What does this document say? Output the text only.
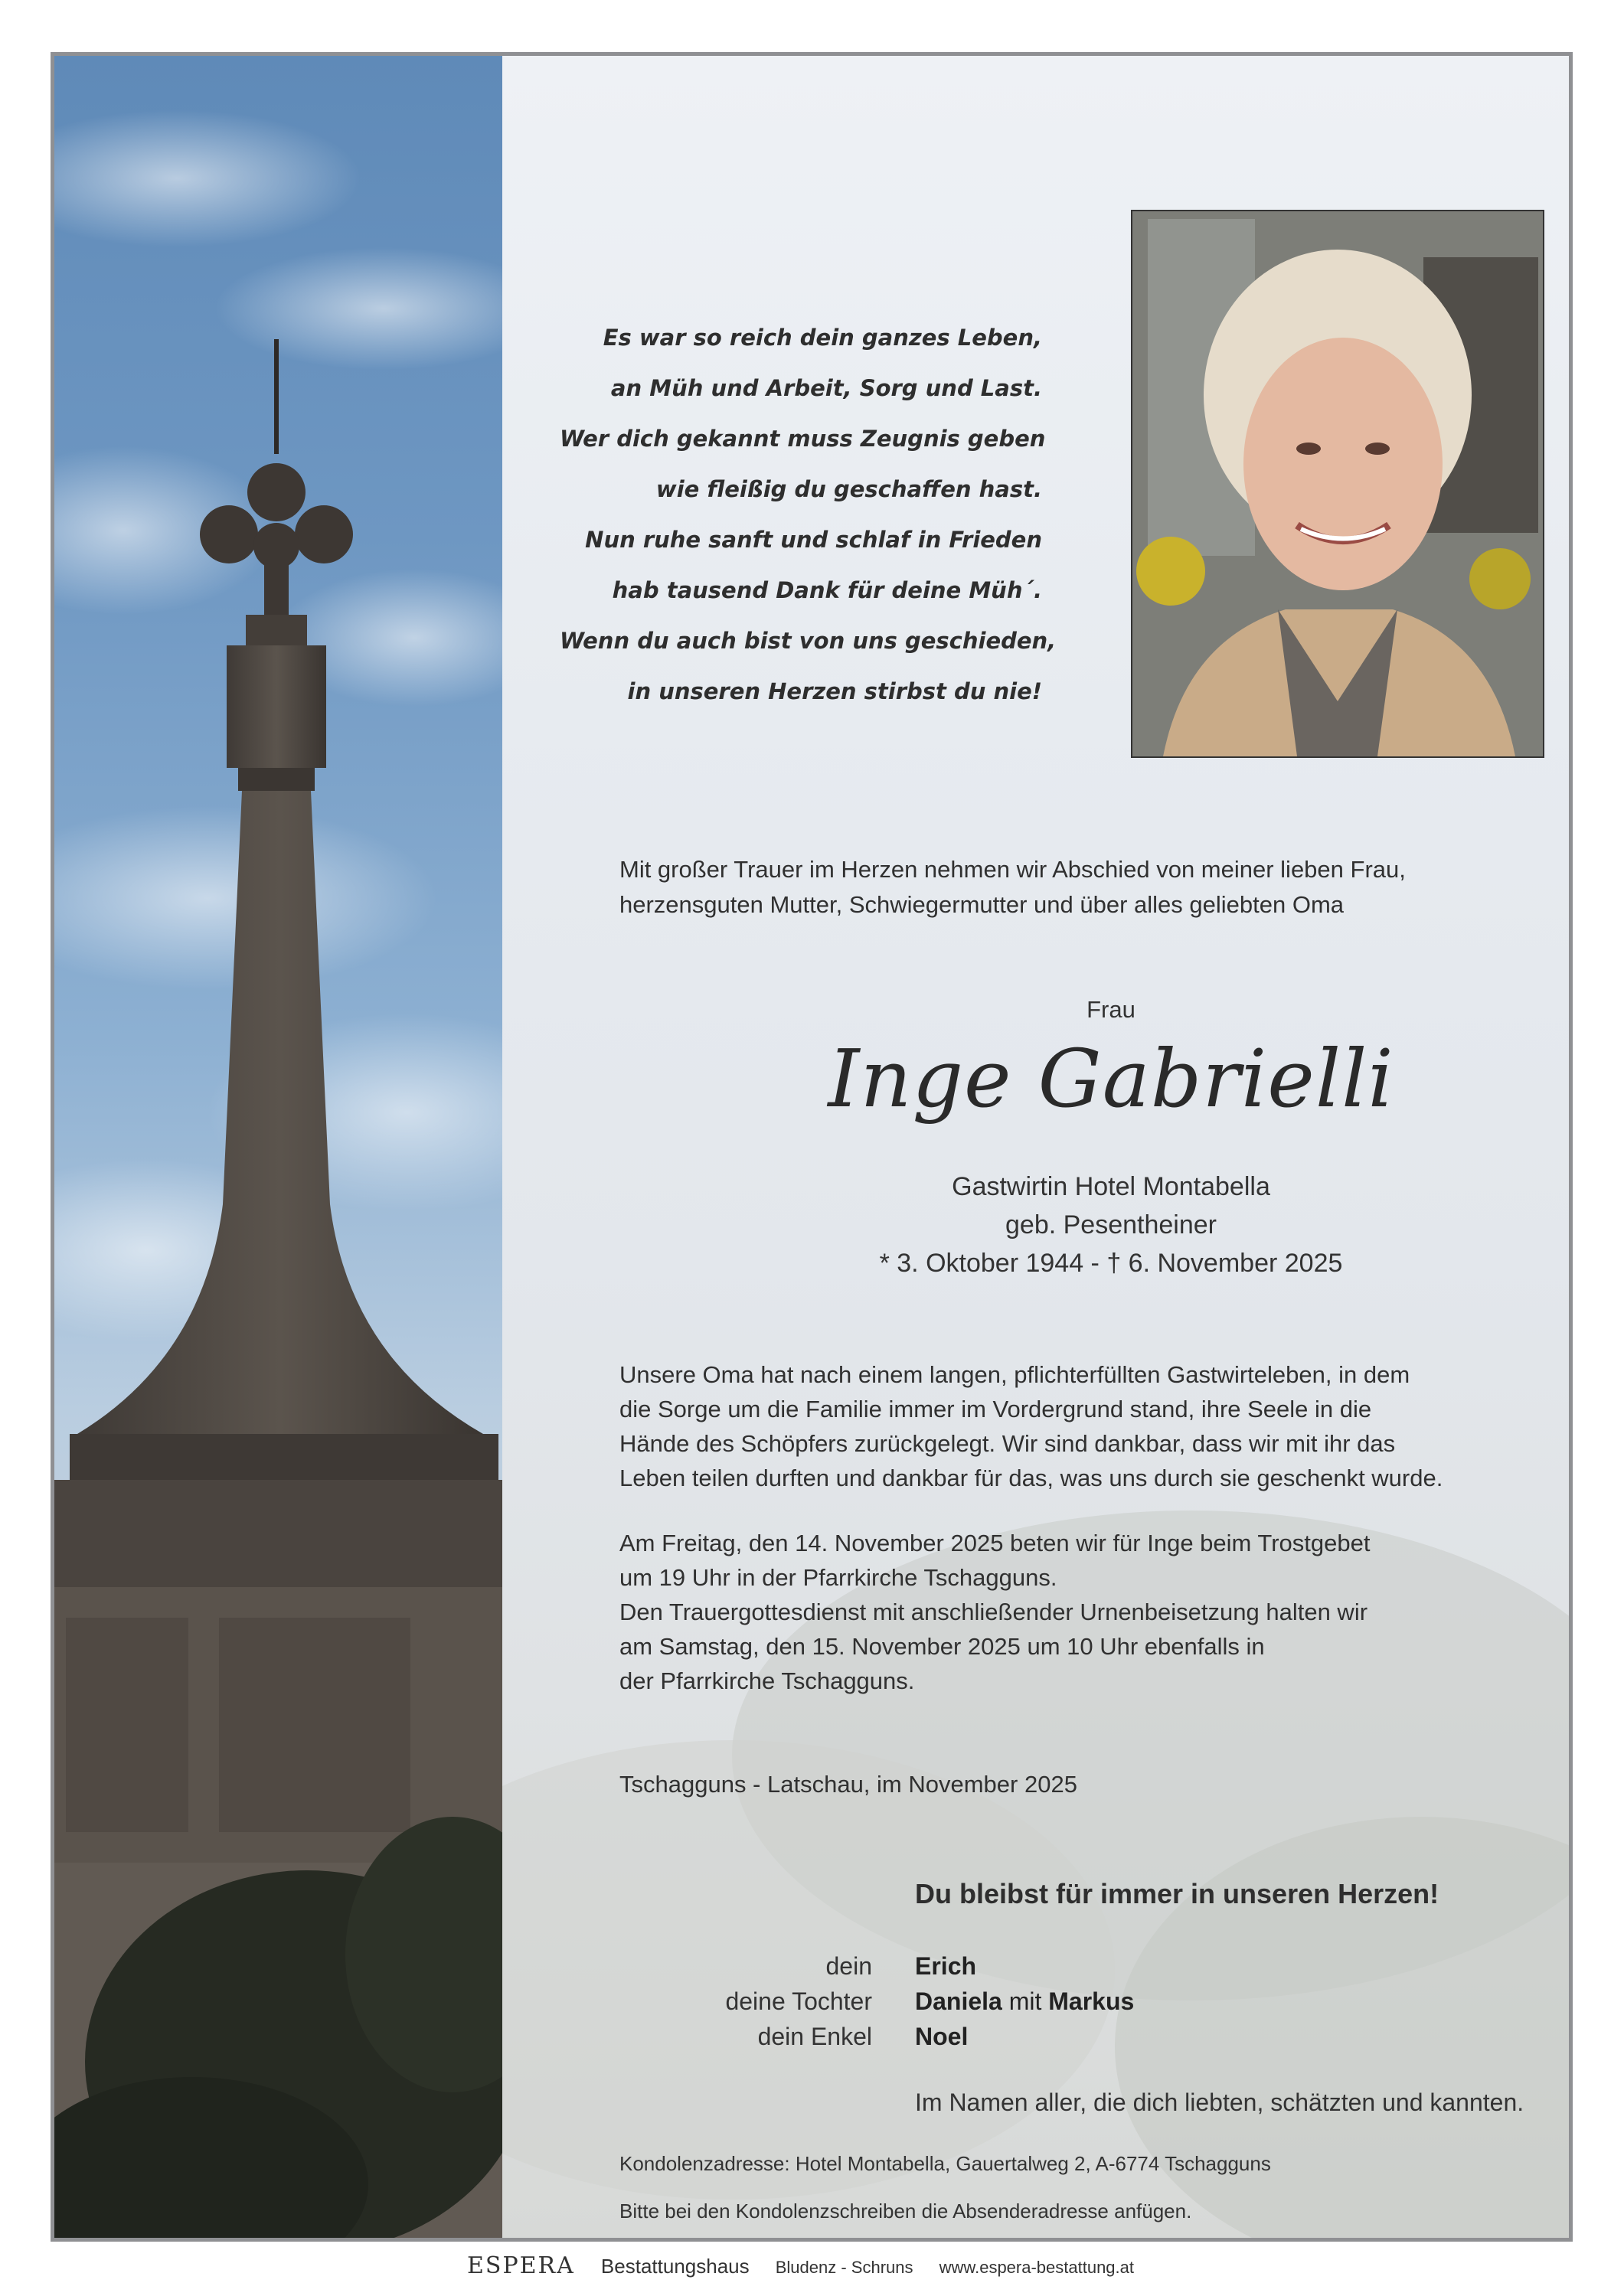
Es war so reich dein ganzes Leben,
an Müh und Arbeit, Sorg und Last.
Wer dich gekannt muss Zeugnis geben
wie fleißig du geschaffen hast.
Nun ruhe sanft und schlaf in Frieden
hab tausend Dank für deine Müh´.
Wenn du auch bist von uns geschieden,
in unseren Herzen stirbst du nie!
Mit großer Trauer im Herzen nehmen wir Abschied von meiner lieben Frau,
herzensguten Mutter, Schwiegermutter und über alles geliebten Oma
Frau
Inge Gabrielli
Gastwirtin Hotel Montabella
geb. Pesentheiner
* 3. Oktober 1944 - † 6. November 2025
Unsere Oma hat nach einem langen, pflichterfüllten Gastwirteleben, in dem
die Sorge um die Familie immer im Vordergrund stand, ihre Seele in die
Hände des Schöpfers zurückgelegt. Wir sind dankbar, dass wir mit ihr das
Leben teilen durften und dankbar für das, was uns durch sie geschenkt wurde.
Am Freitag, den 14. November 2025 beten wir für Inge beim Trostgebet
um 19 Uhr in der Pfarrkirche Tschagguns.
Den Trauergottesdienst mit anschließender Urnenbeisetzung halten wir
am Samstag, den 15. November 2025 um 10 Uhr ebenfalls in
der Pfarrkirche Tschagguns.
Tschagguns - Latschau, im November 2025
Du bleibst für immer in unseren Herzen!
dein Erich
deine Tochter Daniela mit Markus
dein Enkel Noel
Im Namen aller, die dich liebten, schätzten und kannten.
Kondolenzadresse: Hotel Montabella, Gauertalweg 2, A-6774 Tschagguns
Bitte bei den Kondolenzschreiben die Absenderadresse anfügen.
ESPERA Bestattungshaus Bludenz - Schruns www.espera-bestattung.at
